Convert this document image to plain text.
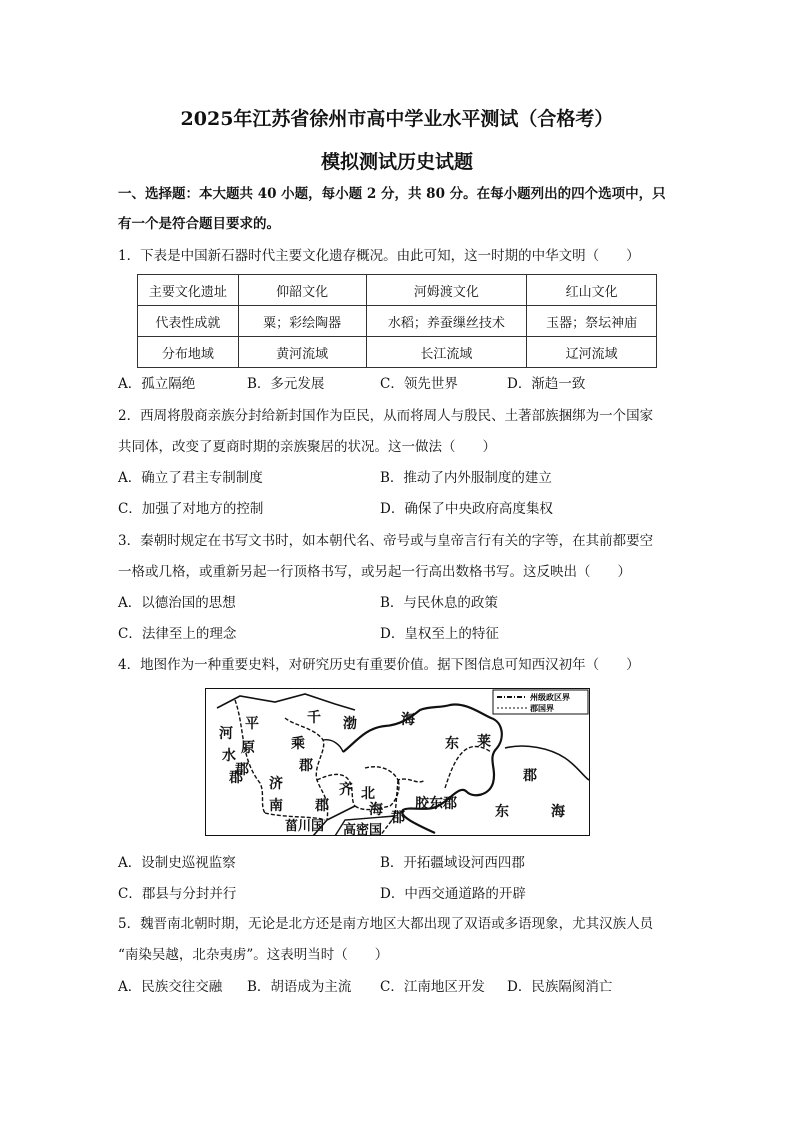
2025年江苏省徐州市高中学业水平测试（合格考）
模拟测试历史试题
一、选择题：本大题共 40 小题，每小题 2 分，共 80 分。在每小题列出的四个选项中，只
有一个是符合题目要求的。
1．下表是中国新石器时代主要文化遗存概况。由此可知，这一时期的中华文明（　　）
主要文化遗址	仰韶文化	河姆渡文化	红山文化
代表性成就	粟；彩绘陶器	水稻；养蚕缫丝技术	玉器；祭坛神庙
分布地域	黄河流域	长江流域	辽河流域
A．孤立隔绝	B．多元发展	C．领先世界	D．渐趋一致
2．西周将殷商亲族分封给新封国作为臣民，从而将周人与殷民、土著部族捆绑为一个国家
共同体，改变了夏商时期的亲族聚居的状况。这一做法（　　）
A．确立了君主专制制度	B．推动了内外服制度的建立
C．加强了对地方的控制	D．确保了中央政府高度集权
3．秦朝时规定在书写文书时，如本朝代名、帝号或与皇帝言行有关的字等，在其前都要空
一格或几格，或重新另起一行顶格书写，或另起一行高出数格书写。这反映出（　　）
A．以德治国的思想	B．与民休息的政策
C．法律至上的理念	D．皇权至上的特征
4．地图作为一种重要史料，对研究历史有重要价值。据下图信息可知西汉初年（　　）
州级政区界
郡国界
河
水
郡
平
原
郡
千
乘
郡
渤	海
东 莱
郡
济
南
齐
郡
北
海 郡
胶东郡
菑川国 高密国
东	海
A．设制史巡视监察	B．开拓疆域设河西四郡
C．郡县与分封并行	D．中西交通道路的开辟
5．魏晋南北朝时期，无论是北方还是南方地区大都出现了双语或多语现象，尤其汉族人员
“南染吴越，北杂夷虏”。这表明当时（　　）
A．民族交往交融 B．胡语成为主流 C．江南地区开发 D．民族隔阂消亡
